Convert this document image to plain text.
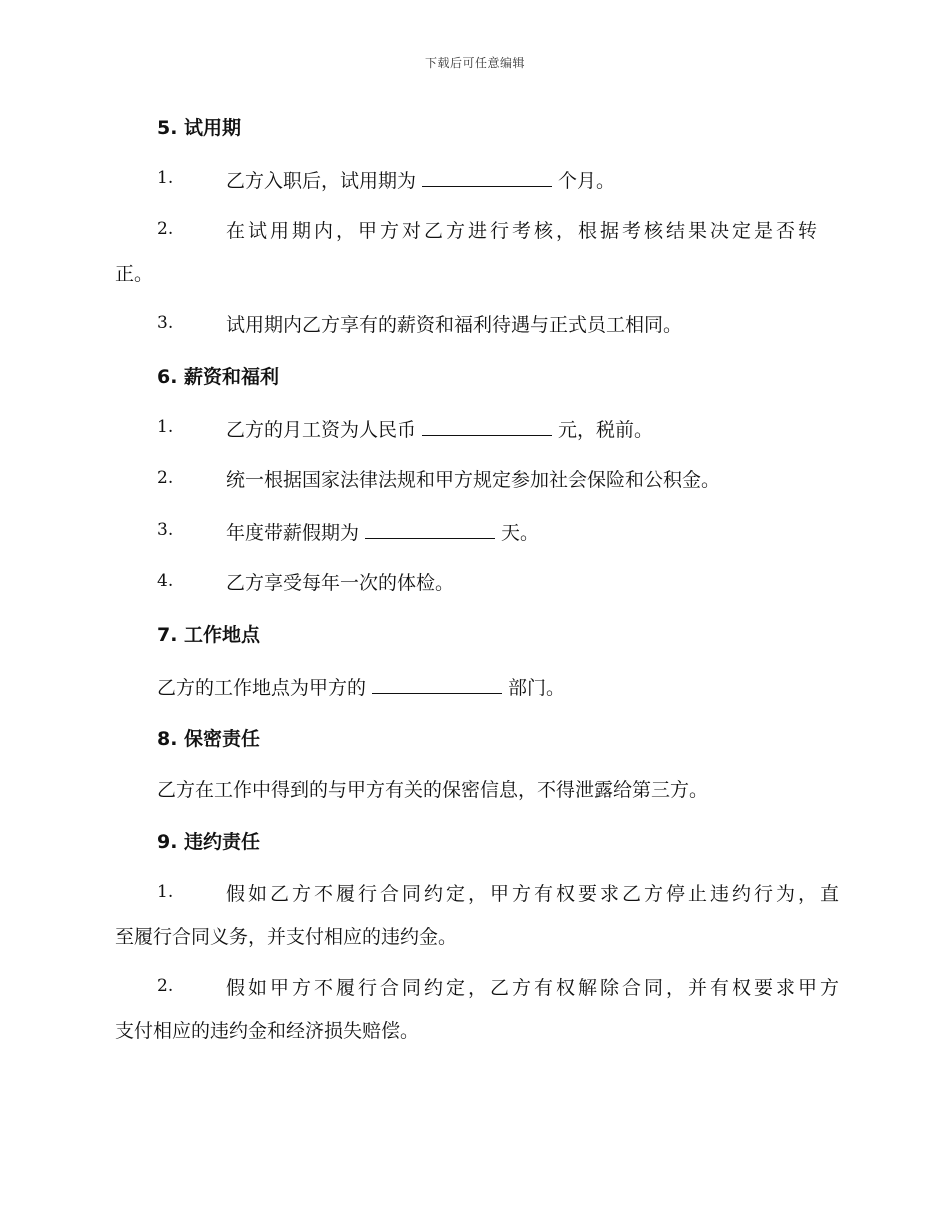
下载后可任意编辑
5. 试用期
1.	乙方入职后，试用期为	个月。
2.	在试用期内，甲方对乙方进行考核，根据考核结果决定是否转
正。
3.	试用期内乙方享有的薪资和福利待遇与正式员工相同。
6. 薪资和福利
1.	乙方的月工资为人民币	元，税前。
2.	统一根据国家法律法规和甲方规定参加社会保险和公积金。
3.	年度带薪假期为	天。
4.	乙方享受每年一次的体检。
7. 工作地点
乙方的工作地点为甲方的	部门。
8. 保密责任
乙方在工作中得到的与甲方有关的保密信息，不得泄露给第三方。
9. 违约责任
1.	假如乙方不履行合同约定，甲方有权要求乙方停止违约行为，直
至履行合同义务，并支付相应的违约金。
2.	假如甲方不履行合同约定，乙方有权解除合同，并有权要求甲方
支付相应的违约金和经济损失赔偿。
